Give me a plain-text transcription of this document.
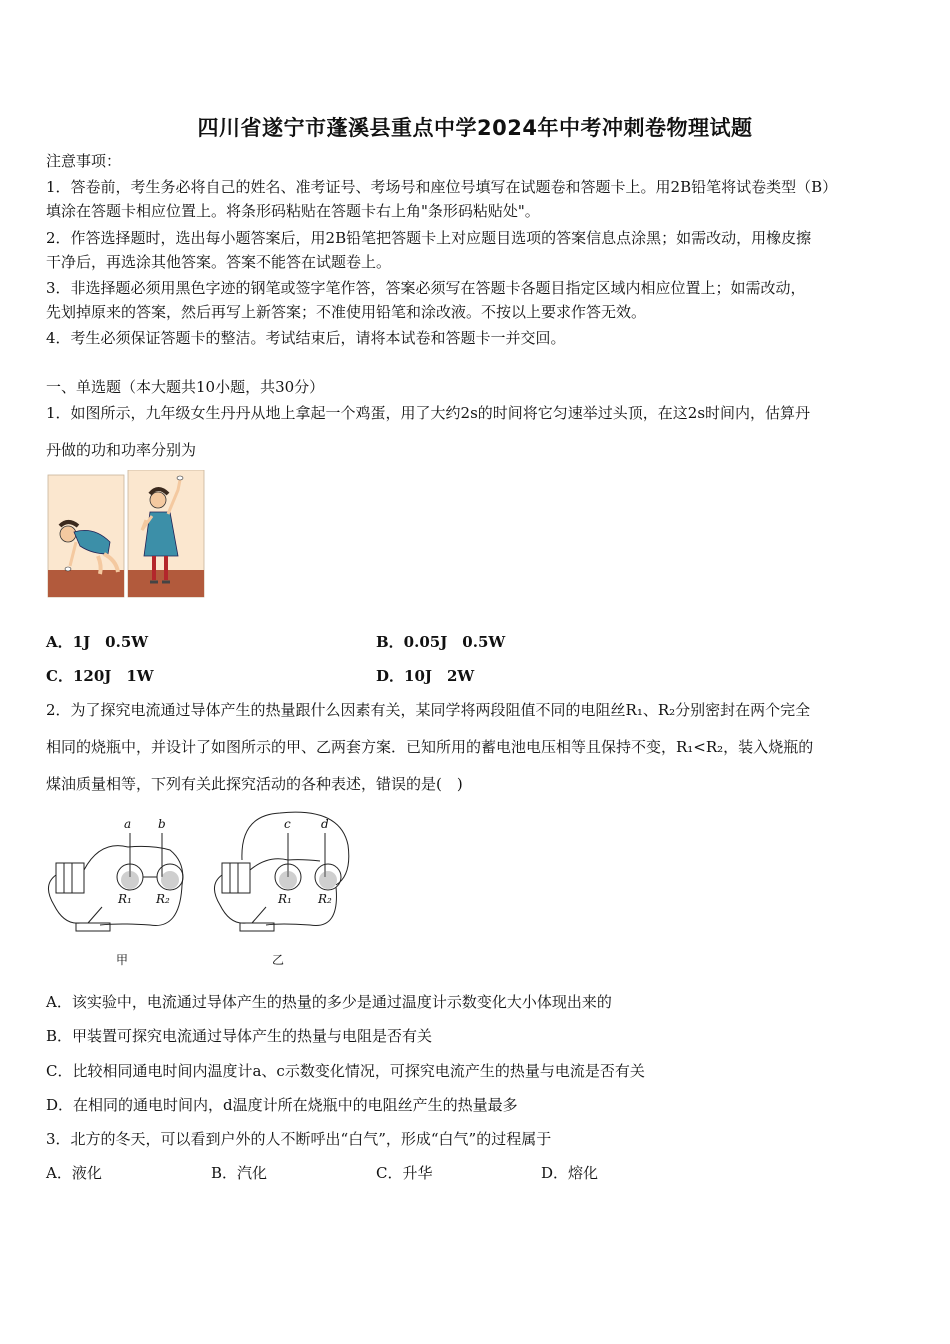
四川省遂宁市蓬溪县重点中学2024年中考冲刺卷物理试题
注意事项：
1．答卷前，考生务必将自己的姓名、准考证号、考场号和座位号填写在试题卷和答题卡上。用2B铅笔将试卷类型（B）
填涂在答题卡相应位置上。将条形码粘贴在答题卡右上角"条形码粘贴处"。
2．作答选择题时，选出每小题答案后，用2B铅笔把答题卡上对应题目选项的答案信息点涂黑；如需改动，用橡皮擦
干净后，再选涂其他答案。答案不能答在试题卷上。
3．非选择题必须用黑色字迹的钢笔或签字笔作答，答案必须写在答题卡各题目指定区域内相应位置上；如需改动，
先划掉原来的答案，然后再写上新答案；不准使用铅笔和涂改液。不按以上要求作答无效。
4．考生必须保证答题卡的整洁。考试结束后，请将本试卷和答题卡一并交回。
一、单选题（本大题共10小题，共30分）
1．如图所示，九年级女生丹丹从地上拿起一个鸡蛋，用了大约2s的时间将它匀速举过头顶，在这2s时间内，估算丹
丹做的功和功率分别为
A．1J　0.5W	B．0.05J　0.5W
C．120J　1W	D．10J　2W
2．为了探究电流通过导体产生的热量跟什么因素有关，某同学将两段阻值不同的电阻丝R₁、R₂分别密封在两个完全
相同的烧瓶中，并设计了如图所示的甲、乙两套方案．已知所用的蓄电池电压相等且保持不变，R₁<R₂，装入烧瓶的
煤油质量相等，下列有关此探究活动的各种表述，错误的是(　)
a b	c	d
R₁ R₂	R₁ R₂
甲	乙
A．该实验中，电流通过导体产生的热量的多少是通过温度计示数变化大小体现出来的
B．甲装置可探究电流通过导体产生的热量与电阻是否有关
C．比较相同通电时间内温度计a、c示数变化情况，可探究电流产生的热量与电流是否有关
D．在相同的通电时间内，d温度计所在烧瓶中的电阻丝产生的热量最多
3．北方的冬天，可以看到户外的人不断呼出“白气”，形成“白气”的过程属于
A．液化	B．汽化	C．升华	D．熔化
